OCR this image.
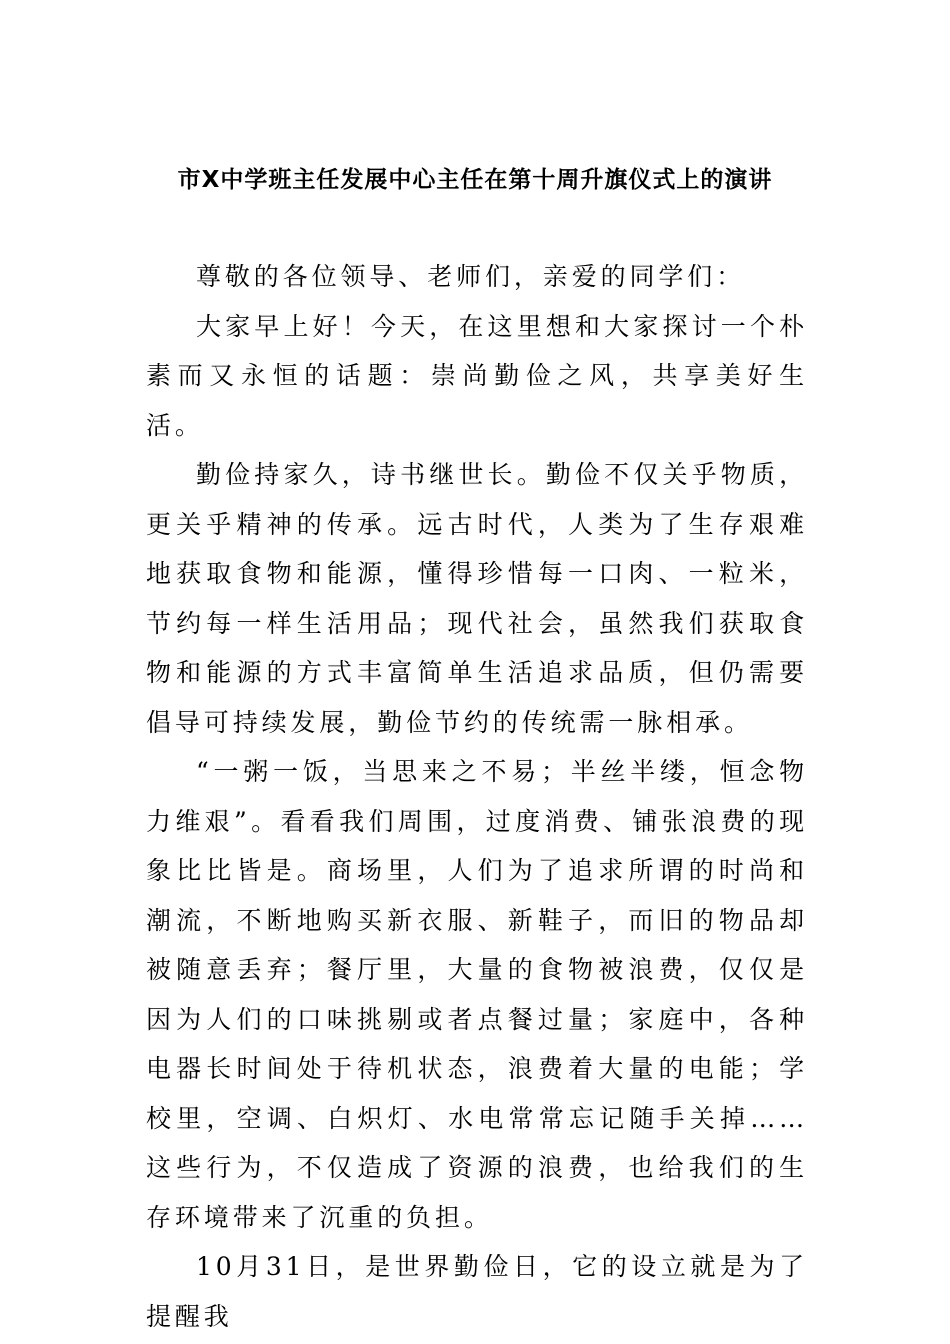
市X中学班主任发展中心主任在第十周升旗仪式上的演讲

尊敬的各位领导、老师们，亲爱的同学们：

大家早上好！今天，在这里想和大家探讨一个朴素而又永恒的话题：崇尚勤俭之风，共享美好生活。

勤俭持家久，诗书继世长。勤俭不仅关乎物质，更关乎精神的传承。远古时代，人类为了生存艰难地获取食物和能源，懂得珍惜每一口肉、一粒米，节约每一样生活用品；现代社会，虽然我们获取食物和能源的方式丰富简单生活追求品质，但仍需要倡导可持续发展，勤俭节约的传统需一脉相承。

“一粥一饭，当思来之不易；半丝半缕，恒念物力维艰”。看看我们周围，过度消费、铺张浪费的现象比比皆是。商场里，人们为了追求所谓的时尚和潮流，不断地购买新衣服、新鞋子，而旧的物品却被随意丢弃；餐厅里，大量的食物被浪费，仅仅是因为人们的口味挑剔或者点餐过量；家庭中，各种电器长时间处于待机状态，浪费着大量的电能；学校里，空调、白炽灯、水电常常忘记随手关掉……这些行为，不仅造成了资源的浪费，也给我们的生存环境带来了沉重的负担。

10月31日，是世界勤俭日，它的设立就是为了提醒我
